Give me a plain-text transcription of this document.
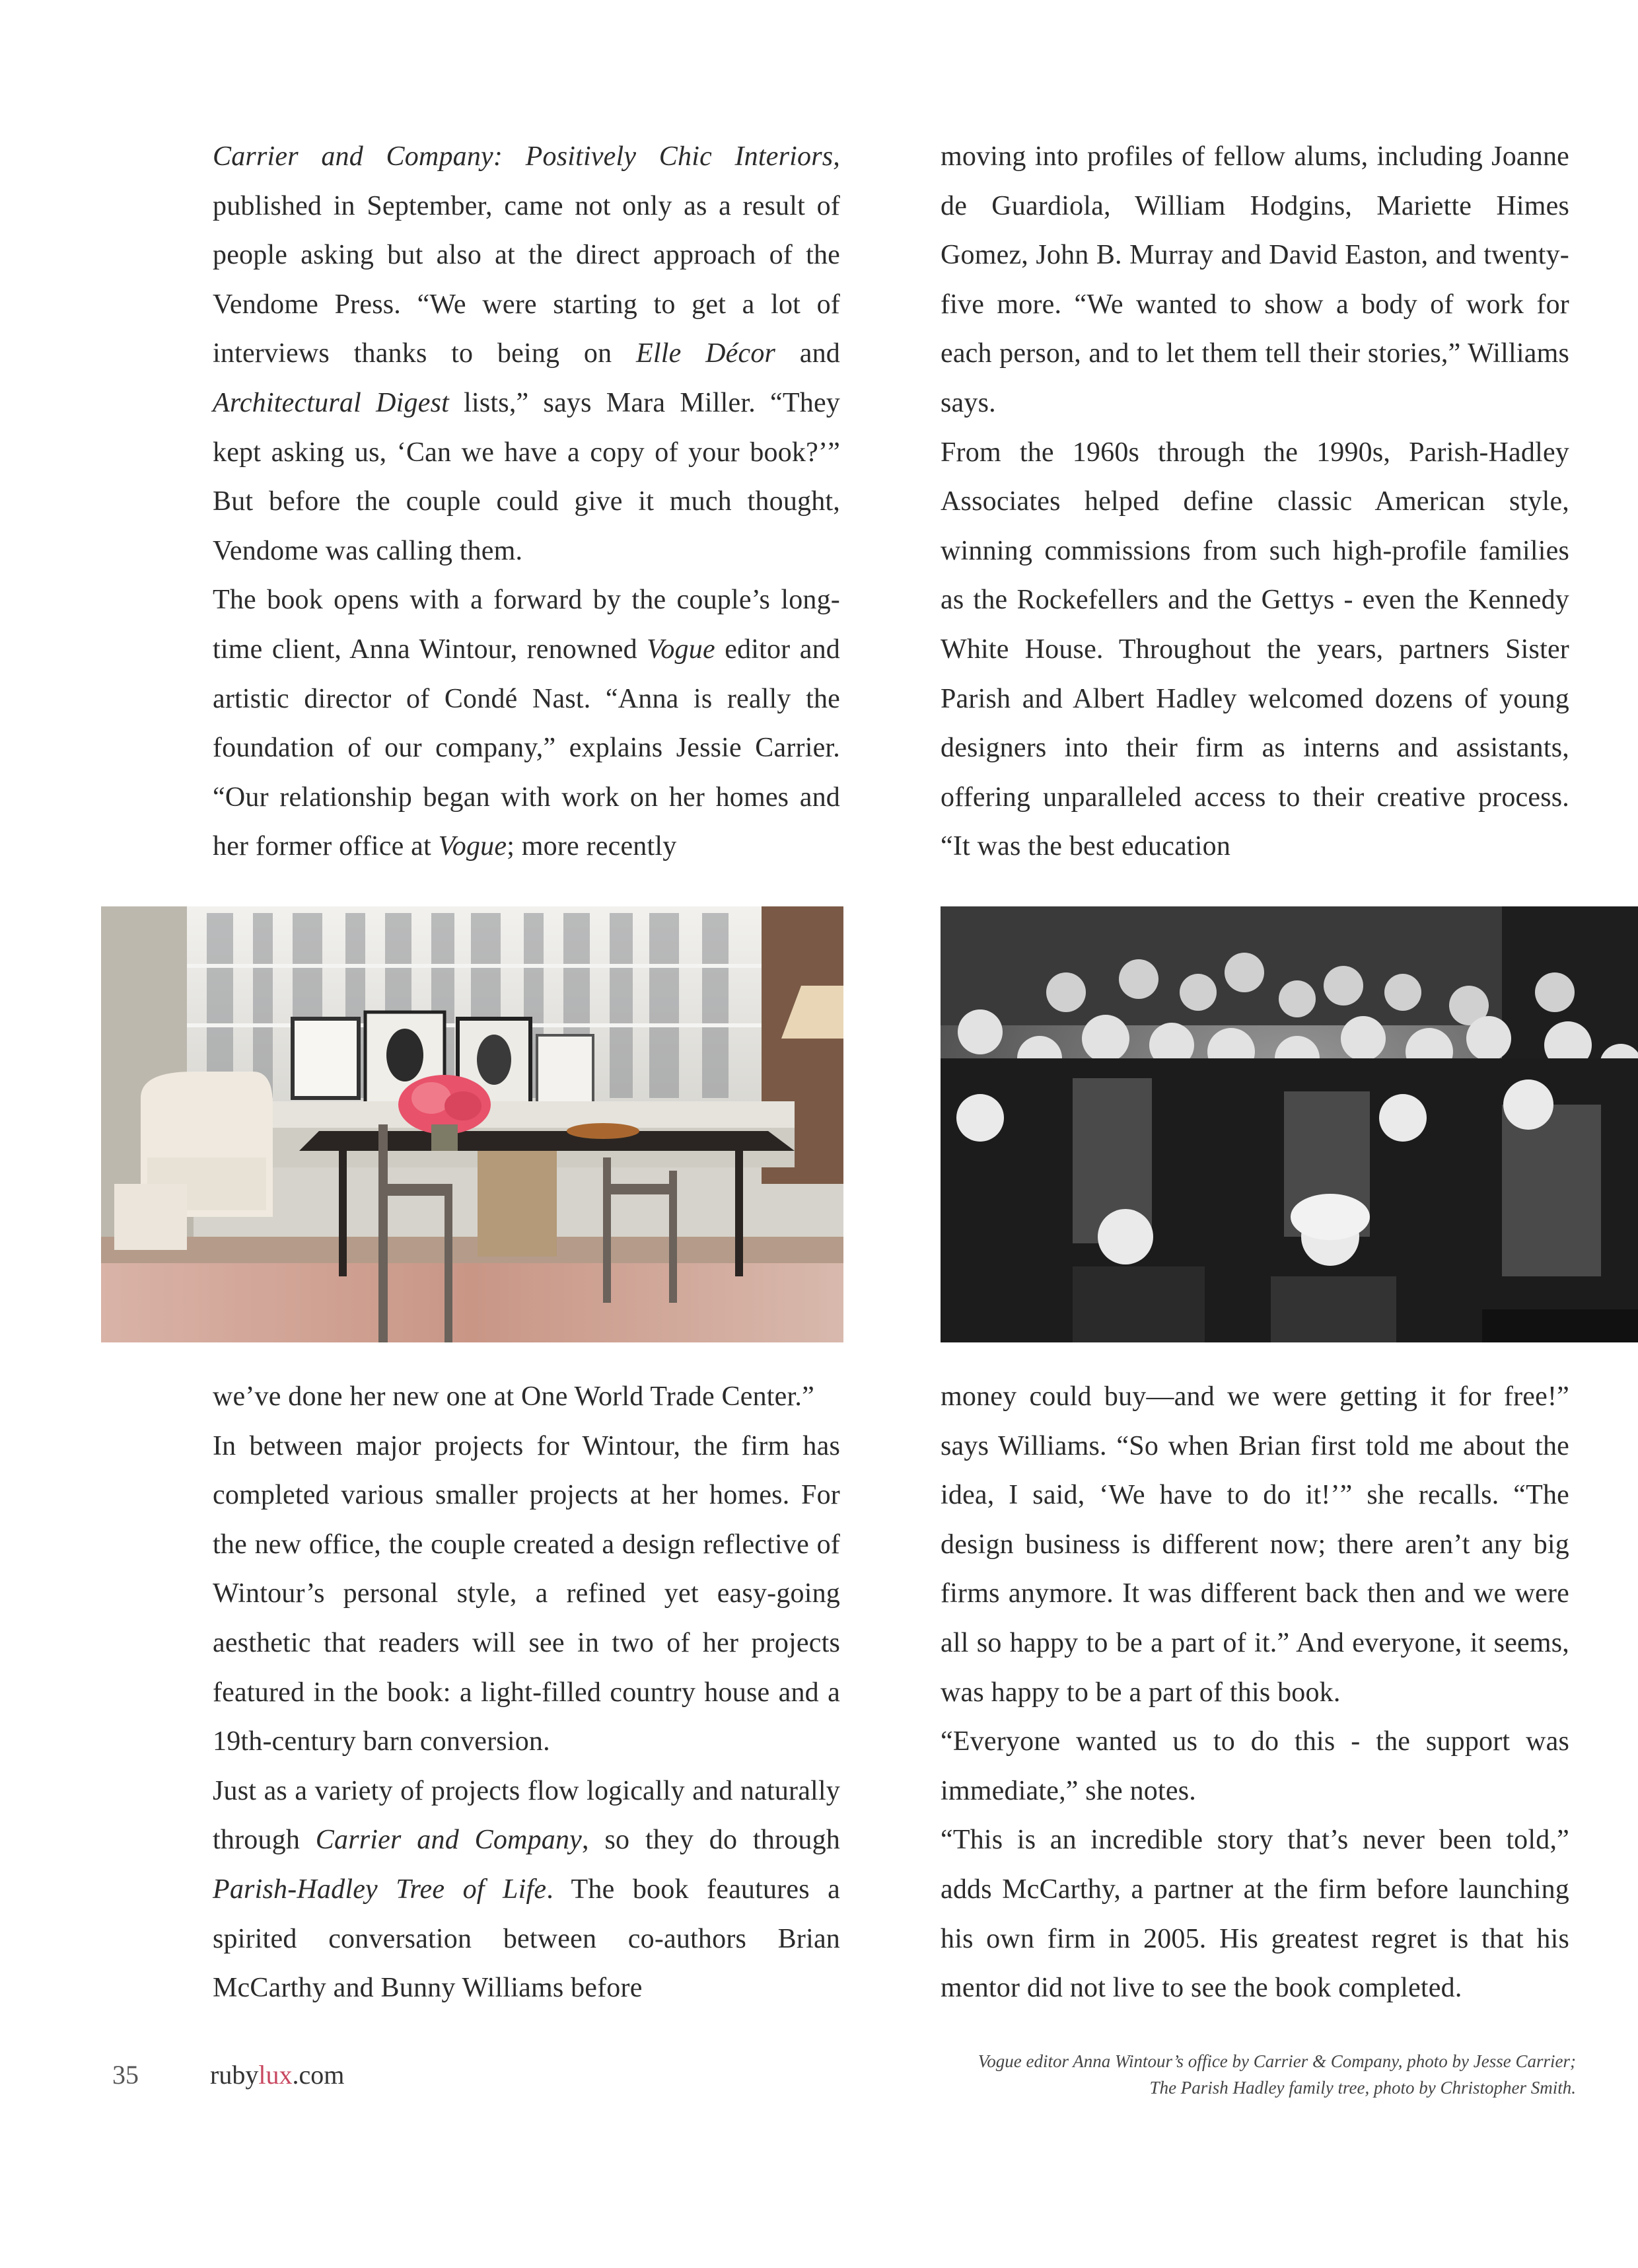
Carrier and Company: Positively Chic Interiors, published in September, came not only as a result of people asking but also at the direct approach of the Vendome Press. “We were starting to get a lot of interviews thanks to being on Elle Décor and Architectural Digest lists,” says Mara Miller. “They kept asking us, ‘Can we have a copy of your book?’” But before the couple could give it much thought, Vendome was calling them.

The book opens with a forward by the couple’s long-time client, Anna Wintour, renowned Vogue editor and artistic director of Condé Nast. “Anna is really the foundation of our company,” explains Jessie Carrier. “Our relationship began with work on her homes and her former office at Vogue; more recently

moving into profiles of fellow alums, including Joanne de Guardiola, William Hodgins, Mariette Himes Gomez, John B. Murray and David Easton, and twenty-five more. “We wanted to show a body of work for each person, and to let them tell their stories,” Williams says.

From the 1960s through the 1990s, Parish-Hadley Associates helped define classic American style, winning commissions from such high-profile families as the Rockefellers and the Gettys - even the Kennedy White House. Throughout the years, partners Sister Parish and Albert Hadley welcomed dozens of young designers into their firm as interns and assistants, offering unparalleled access to their creative process. “It was the best education

we’ve done her new one at One World Trade Center.”

In between major projects for Wintour, the firm has completed various smaller projects at her homes. For the new office, the couple created a design reflective of Wintour’s personal style, a refined yet easy-going aesthetic that readers will see in two of her projects featured in the book: a light-filled country house and a 19th-century barn conversion.

Just as a variety of projects flow logically and naturally through Carrier and Company, so they do through Parish-Hadley Tree of Life. The book feautures a spirited conversation between co-authors Brian McCarthy and Bunny Williams before

money could buy—and we were getting it for free!” says Williams. “So when Brian first told me about the idea, I said, ‘We have to do it!’” she recalls. “The design business is different now; there aren’t any big firms anymore. It was different back then and we were all so happy to be a part of it.” And everyone, it seems, was happy to be a part of this book.

“Everyone wanted us to do this - the support was immediate,” she notes.

“This is an incredible story that’s never been told,” adds McCarthy, a partner at the firm before launching his own firm in 2005. His greatest regret is that his mentor did not live to see the book completed.

35	rubylux.com	Vogue editor Anna Wintour’s office by Carrier & Company, photo by Jesse Carrier;
The Parish Hadley family tree, photo by Christopher Smith.
